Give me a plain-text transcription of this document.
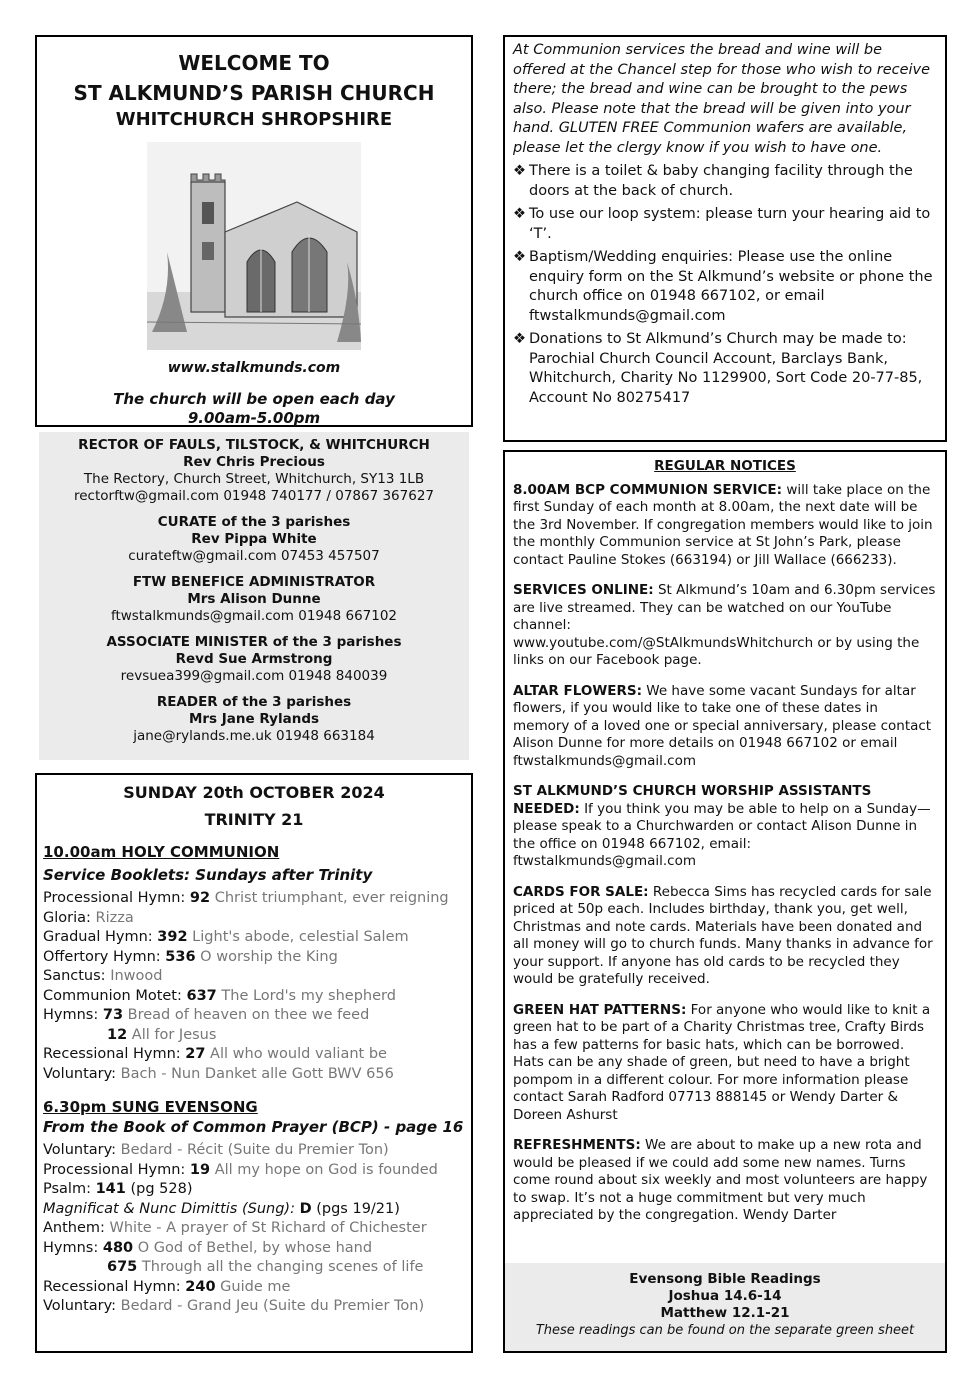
WELCOME TO
ST ALKMUND’S PARISH CHURCH
WHITCHURCH SHROPSHIRE
www.stalkmunds.com
The church will be open each day
9.00am-5.00pm
RECTOR OF FAULS, TILSTOCK, & WHITCHURCH
Rev Chris Precious
The Rectory, Church Street, Whitchurch, SY13 1LB
rectorftw@gmail.com 01948 740177 / 07867 367627
CURATE of the 3 parishes
Rev Pippa White
curateftw@gmail.com 07453 457507
FTW BENEFICE ADMINISTRATOR
Mrs Alison Dunne
ftwstalkmunds@gmail.com 01948 667102
ASSOCIATE MINISTER of the 3 parishes
Revd Sue Armstrong
revsuea399@gmail.com 01948 840039
READER of the 3 parishes
Mrs Jane Rylands
jane@rylands.me.uk 01948 663184
SUNDAY 20th OCTOBER 2024
TRINITY 21
10.00am HOLY COMMUNION
Service Booklets: Sundays after Trinity
Processional Hymn: 92 Christ triumphant, ever reigning
Gloria: Rizza
Gradual Hymn: 392 Light's abode, celestial Salem
Offertory Hymn: 536 O worship the King
Sanctus: Inwood
Communion Motet: 637 The Lord's my shepherd
Hymns: 73 Bread of heaven on thee we feed
12 All for Jesus
Recessional Hymn: 27 All who would valiant be
Voluntary: Bach - Nun Danket alle Gott BWV 656
6.30pm SUNG EVENSONG
From the Book of Common Prayer (BCP) - page 16
Voluntary: Bedard - Récit (Suite du Premier Ton)
Processional Hymn: 19 All my hope on God is founded
Psalm: 141 (pg 528)
Magnificat & Nunc Dimittis (Sung): D (pgs 19/21)
Anthem: White - A prayer of St Richard of Chichester
Hymns: 480 O God of Bethel, by whose hand
675 Through all the changing scenes of life
Recessional Hymn: 240 Guide me
Voluntary: Bedard - Grand Jeu (Suite du Premier Ton)
At Communion services the bread and wine will be offered at the Chancel step for those who wish to receive there; the bread and wine can be brought to the pews also. Please note that the bread will be given into your hand. GLUTEN FREE Communion wafers are available, please let the clergy know if you wish to have one.
❖ There is a toilet & baby changing facility through the doors at the back of church.
❖ To use our loop system: please turn your hearing aid to ‘T’.
❖ Baptism/Wedding enquiries: Please use the online enquiry form on the St Alkmund’s website or phone the church office on 01948 667102, or email ftwstalkmunds@gmail.com
❖ Donations to St Alkmund’s Church may be made to: Parochial Church Council Account, Barclays Bank, Whitchurch, Charity No 1129900, Sort Code 20-77-85, Account No 80275417
REGULAR NOTICES

8.00AM BCP COMMUNION SERVICE: will take place on the first Sunday of each month at 8.00am, the next date will be the 3rd November. If congregation members would like to join the monthly Communion service at St John’s Park, please contact Pauline Stokes (663194) or Jill Wallace (666233).

SERVICES ONLINE: St Alkmund’s 10am and 6.30pm services are live streamed. They can be watched on our YouTube channel:
www.youtube.com/@StAlkmundsWhitchurch or by using the links on our Facebook page.

ALTAR FLOWERS: We have some vacant Sundays for altar flowers, if you would like to take one of these dates in memory of a loved one or special anniversary, please contact Alison Dunne for more details on 01948 667102 or email ftwstalkmunds@gmail.com

ST ALKMUND’S CHURCH WORSHIP ASSISTANTS NEEDED: If you think you may be able to help on a Sunday—please speak to a Churchwarden or contact Alison Dunne in the office on 01948 667102, email: ftwstalkmunds@gmail.com

CARDS FOR SALE: Rebecca Sims has recycled cards for sale priced at 50p each. Includes birthday, thank you, get well, Christmas and note cards. Materials have been donated and all money will go to church funds. Many thanks in advance for your support. If anyone has old cards to be recycled they would be gratefully received.

GREEN HAT PATTERNS: For anyone who would like to knit a green hat to be part of a Charity Christmas tree, Crafty Birds has a few patterns for basic hats, which can be borrowed. Hats can be any shade of green, but need to have a bright pompom in a different colour. For more information please contact Sarah Radford 07713 888145 or Wendy Darter & Doreen Ashurst

REFRESHMENTS: We are about to make up a new rota and would be pleased if we could add some new names. Turns come round about six weekly and most volunteers are happy to swap. It’s not a huge commitment but very much appreciated by the congregation. Wendy Darter

Evensong Bible Readings
Joshua 14.6-14
Matthew 12.1-21
These readings can be found on the separate green sheet
